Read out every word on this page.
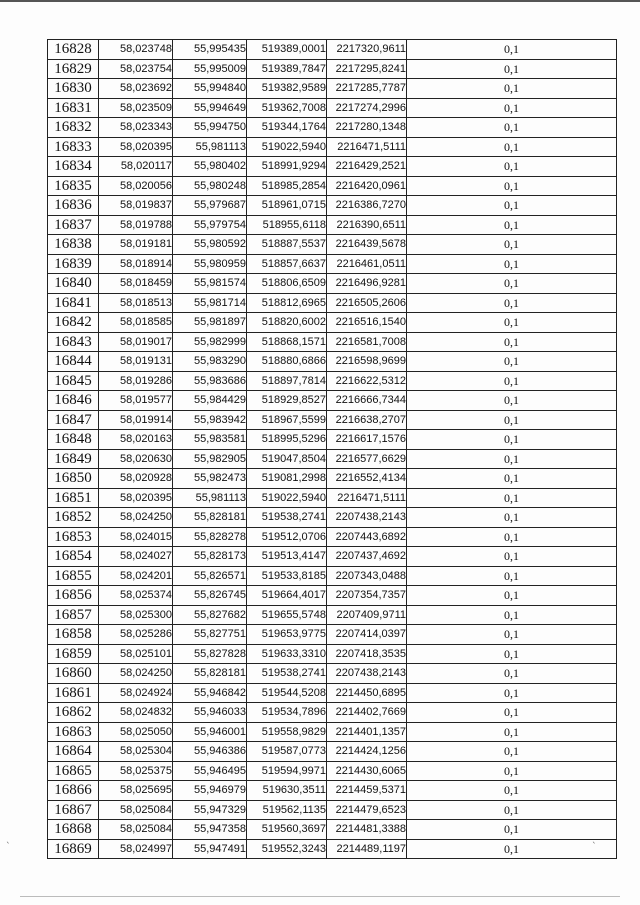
16828	58,023748	55,995435	519389,0001	2217320,9611	0,1
16829	58,023754	55,995009	519389,7847	2217295,8241	0,1
16830	58,023692	55,994840	519382,9589	2217285,7787	0,1
16831	58,023509	55,994649	519362,7008	2217274,2996	0,1
16832	58,023343	55,994750	519344,1764	2217280,1348	0,1
16833	58,020395	55,981113	519022,5940	2216471,5111	0,1
16834	58,020117	55,980402	518991,9294	2216429,2521	0,1
16835	58,020056	55,980248	518985,2854	2216420,0961	0,1
16836	58,019837	55,979687	518961,0715	2216386,7270	0,1
16837	58,019788	55,979754	518955,6118	2216390,6511	0,1
16838	58,019181	55,980592	518887,5537	2216439,5678	0,1
16839	58,018914	55,980959	518857,6637	2216461,0511	0,1
16840	58,018459	55,981574	518806,6509	2216496,9281	0,1
16841	58,018513	55,981714	518812,6965	2216505,2606	0,1
16842	58,018585	55,981897	518820,6002	2216516,1540	0,1
16843	58,019017	55,982999	518868,1571	2216581,7008	0,1
16844	58,019131	55,983290	518880,6866	2216598,9699	0,1
16845	58,019286	55,983686	518897,7814	2216622,5312	0,1
16846	58,019577	55,984429	518929,8527	2216666,7344	0,1
16847	58,019914	55,983942	518967,5599	2216638,2707	0,1
16848	58,020163	55,983581	518995,5296	2216617,1576	0,1
16849	58,020630	55,982905	519047,8504	2216577,6629	0,1
16850	58,020928	55,982473	519081,2998	2216552,4134	0,1
16851	58,020395	55,981113	519022,5940	2216471,5111	0,1
16852	58,024250	55,828181	519538,2741	2207438,2143	0,1
16853	58,024015	55,828278	519512,0706	2207443,6892	0,1
16854	58,024027	55,828173	519513,4147	2207437,4692	0,1
16855	58,024201	55,826571	519533,8185	2207343,0488	0,1
16856	58,025374	55,826745	519664,4017	2207354,7357	0,1
16857	58,025300	55,827682	519655,5748	2207409,9711	0,1
16858	58,025286	55,827751	519653,9775	2207414,0397	0,1
16859	58,025101	55,827828	519633,3310	2207418,3535	0,1
16860	58,024250	55,828181	519538,2741	2207438,2143	0,1
16861	58,024924	55,946842	519544,5208	2214450,6895	0,1
16862	58,024832	55,946033	519534,7896	2214402,7669	0,1
16863	58,025050	55,946001	519558,9829	2214401,1357	0,1
16864	58,025304	55,946386	519587,0773	2214424,1256	0,1
16865	58,025375	55,946495	519594,9971	2214430,6065	0,1
16866	58,025695	55,946979	519630,3511	2214459,5371	0,1
16867	58,025084	55,947329	519562,1135	2214479,6523	0,1
16868	58,025084	55,947358	519560,3697	2214481,3388	0,1
16869	58,024997	55,947491	519552,3243	2214489,1197	0,1
`	`
